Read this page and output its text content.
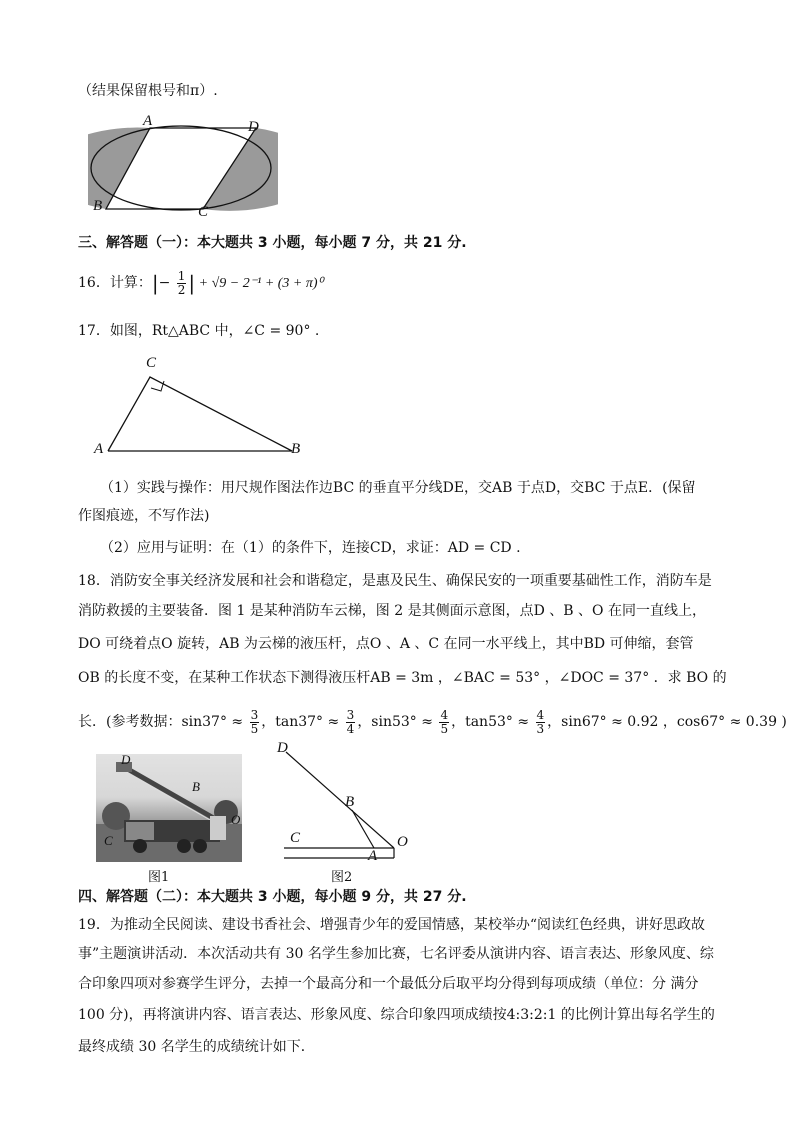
（结果保留根号和π）.
A	D
B	C
三、解答题（一）：本大题共 3 小题，每小题 7 分，共 21 分.
16．计算：|− $\frac{1}{2}$ | + √9 − 2⁻¹ + (3 + π)⁰
17．如图，Rt△ABC 中，∠C = 90° .
C
A	B
（1）实践与操作：用尺规作图法作边BC 的垂直平分线DE，交AB 于点D，交BC 于点E．(保留
作图痕迹，不写作法)
（2）应用与证明：在（1）的条件下，连接CD，求证：AD = CD .
18．消防安全事关经济发展和社会和谐稳定，是惠及民生、确保民安的一项重要基础性工作，消防车是
消防救援的主要装备．图 1 是某种消防车云梯，图 2 是其侧面示意图，点D 、B 、O 在同一直线上，
DO 可绕着点O 旋转，AB 为云梯的液压杆，点O 、A 、C 在同一水平线上，其中BD 可伸缩，套管
OB 的长度不变，在某种工作状态下测得液压杆AB = 3m ，∠BAC = 53° ，∠DOC = 37° ．求 BO 的
长．(参考数据：$\sin 37^\circ \approx \frac{3}{5}$ ，$\tan 37^\circ \approx \frac{3}{4}$ ，$\sin 53^\circ \approx \frac{4}{5}$ ，$\tan 53^\circ \approx \frac{4}{3}$ ，sin67° ≈ 0.92 ，cos67° ≈ 0.39 )
D
B
O
C
图1
D
B
C
A
O
图2
四、解答题（二）：本大题共 3 小题，每小题 9 分，共 27 分.
19．为推动全民阅读、建设书香社会、增强青少年的爱国情感，某校举办“阅读红色经典，讲好思政故
事”主题演讲活动．本次活动共有 30 名学生参加比赛，七名评委从演讲内容、语言表达、形象风度、综
合印象四项对参赛学生评分，去掉一个最高分和一个最低分后取平均分得到每项成绩（单位：分 满分
100 分)，再将演讲内容、语言表达、形象风度、综合印象四项成绩按4:3:2:1 的比例计算出每名学生的
最终成绩 30 名学生的成绩统计如下．
